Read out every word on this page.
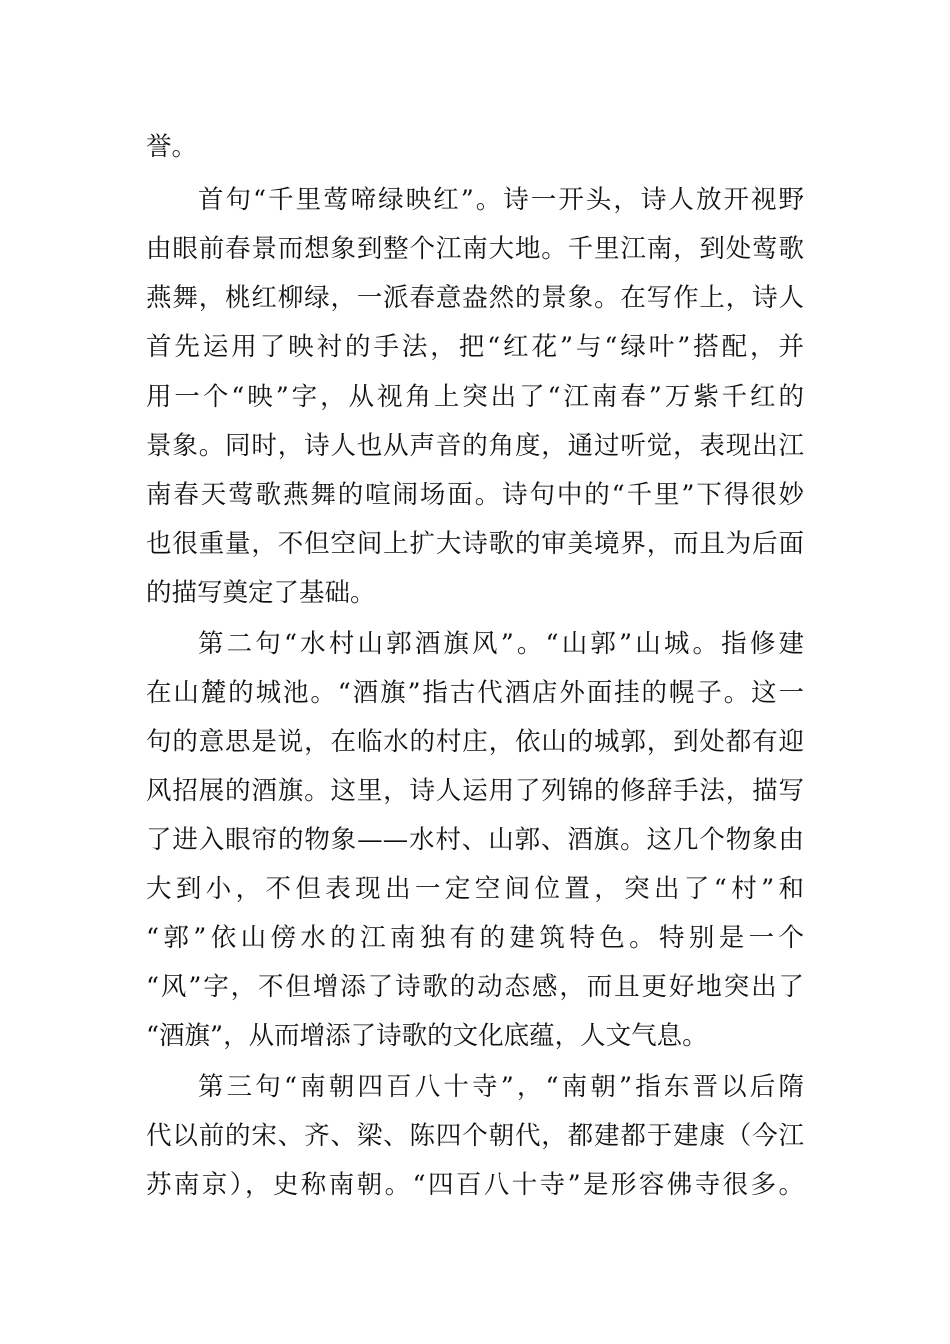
誉。
首句“千里莺啼绿映红”。诗一开头，诗人放开视野
由眼前春景而想象到整个江南大地。千里江南，到处莺歌
燕舞，桃红柳绿，一派春意盎然的景象。在写作上，诗人
首先运用了映衬的手法，把“红花”与“绿叶”搭配，并
用一个“映”字，从视角上突出了“江南春”万紫千红的
景象。同时，诗人也从声音的角度，通过听觉，表现出江
南春天莺歌燕舞的喧闹场面。诗句中的“千里”下得很妙
也很重量，不但空间上扩大诗歌的审美境界，而且为后面
的描写奠定了基础。
第二句“水村山郭酒旗风”。“山郭”山城。指修建
在山麓的城池。“酒旗”指古代酒店外面挂的幌子。这一
句的意思是说，在临水的村庄，依山的城郭，到处都有迎
风招展的酒旗。这里，诗人运用了列锦的修辞手法，描写
了进入眼帘的物象——水村、山郭、酒旗。这几个物象由
大到小，不但表现出一定空间位置，突出了“村”和
“郭”依山傍水的江南独有的建筑特色。特别是一个
“风”字，不但增添了诗歌的动态感，而且更好地突出了
“酒旗”，从而增添了诗歌的文化底蕴，人文气息。
第三句“南朝四百八十寺”，“南朝”指东晋以后隋
代以前的宋、齐、梁、陈四个朝代，都建都于建康（今江
苏南京），史称南朝。“四百八十寺”是形容佛寺很多。
